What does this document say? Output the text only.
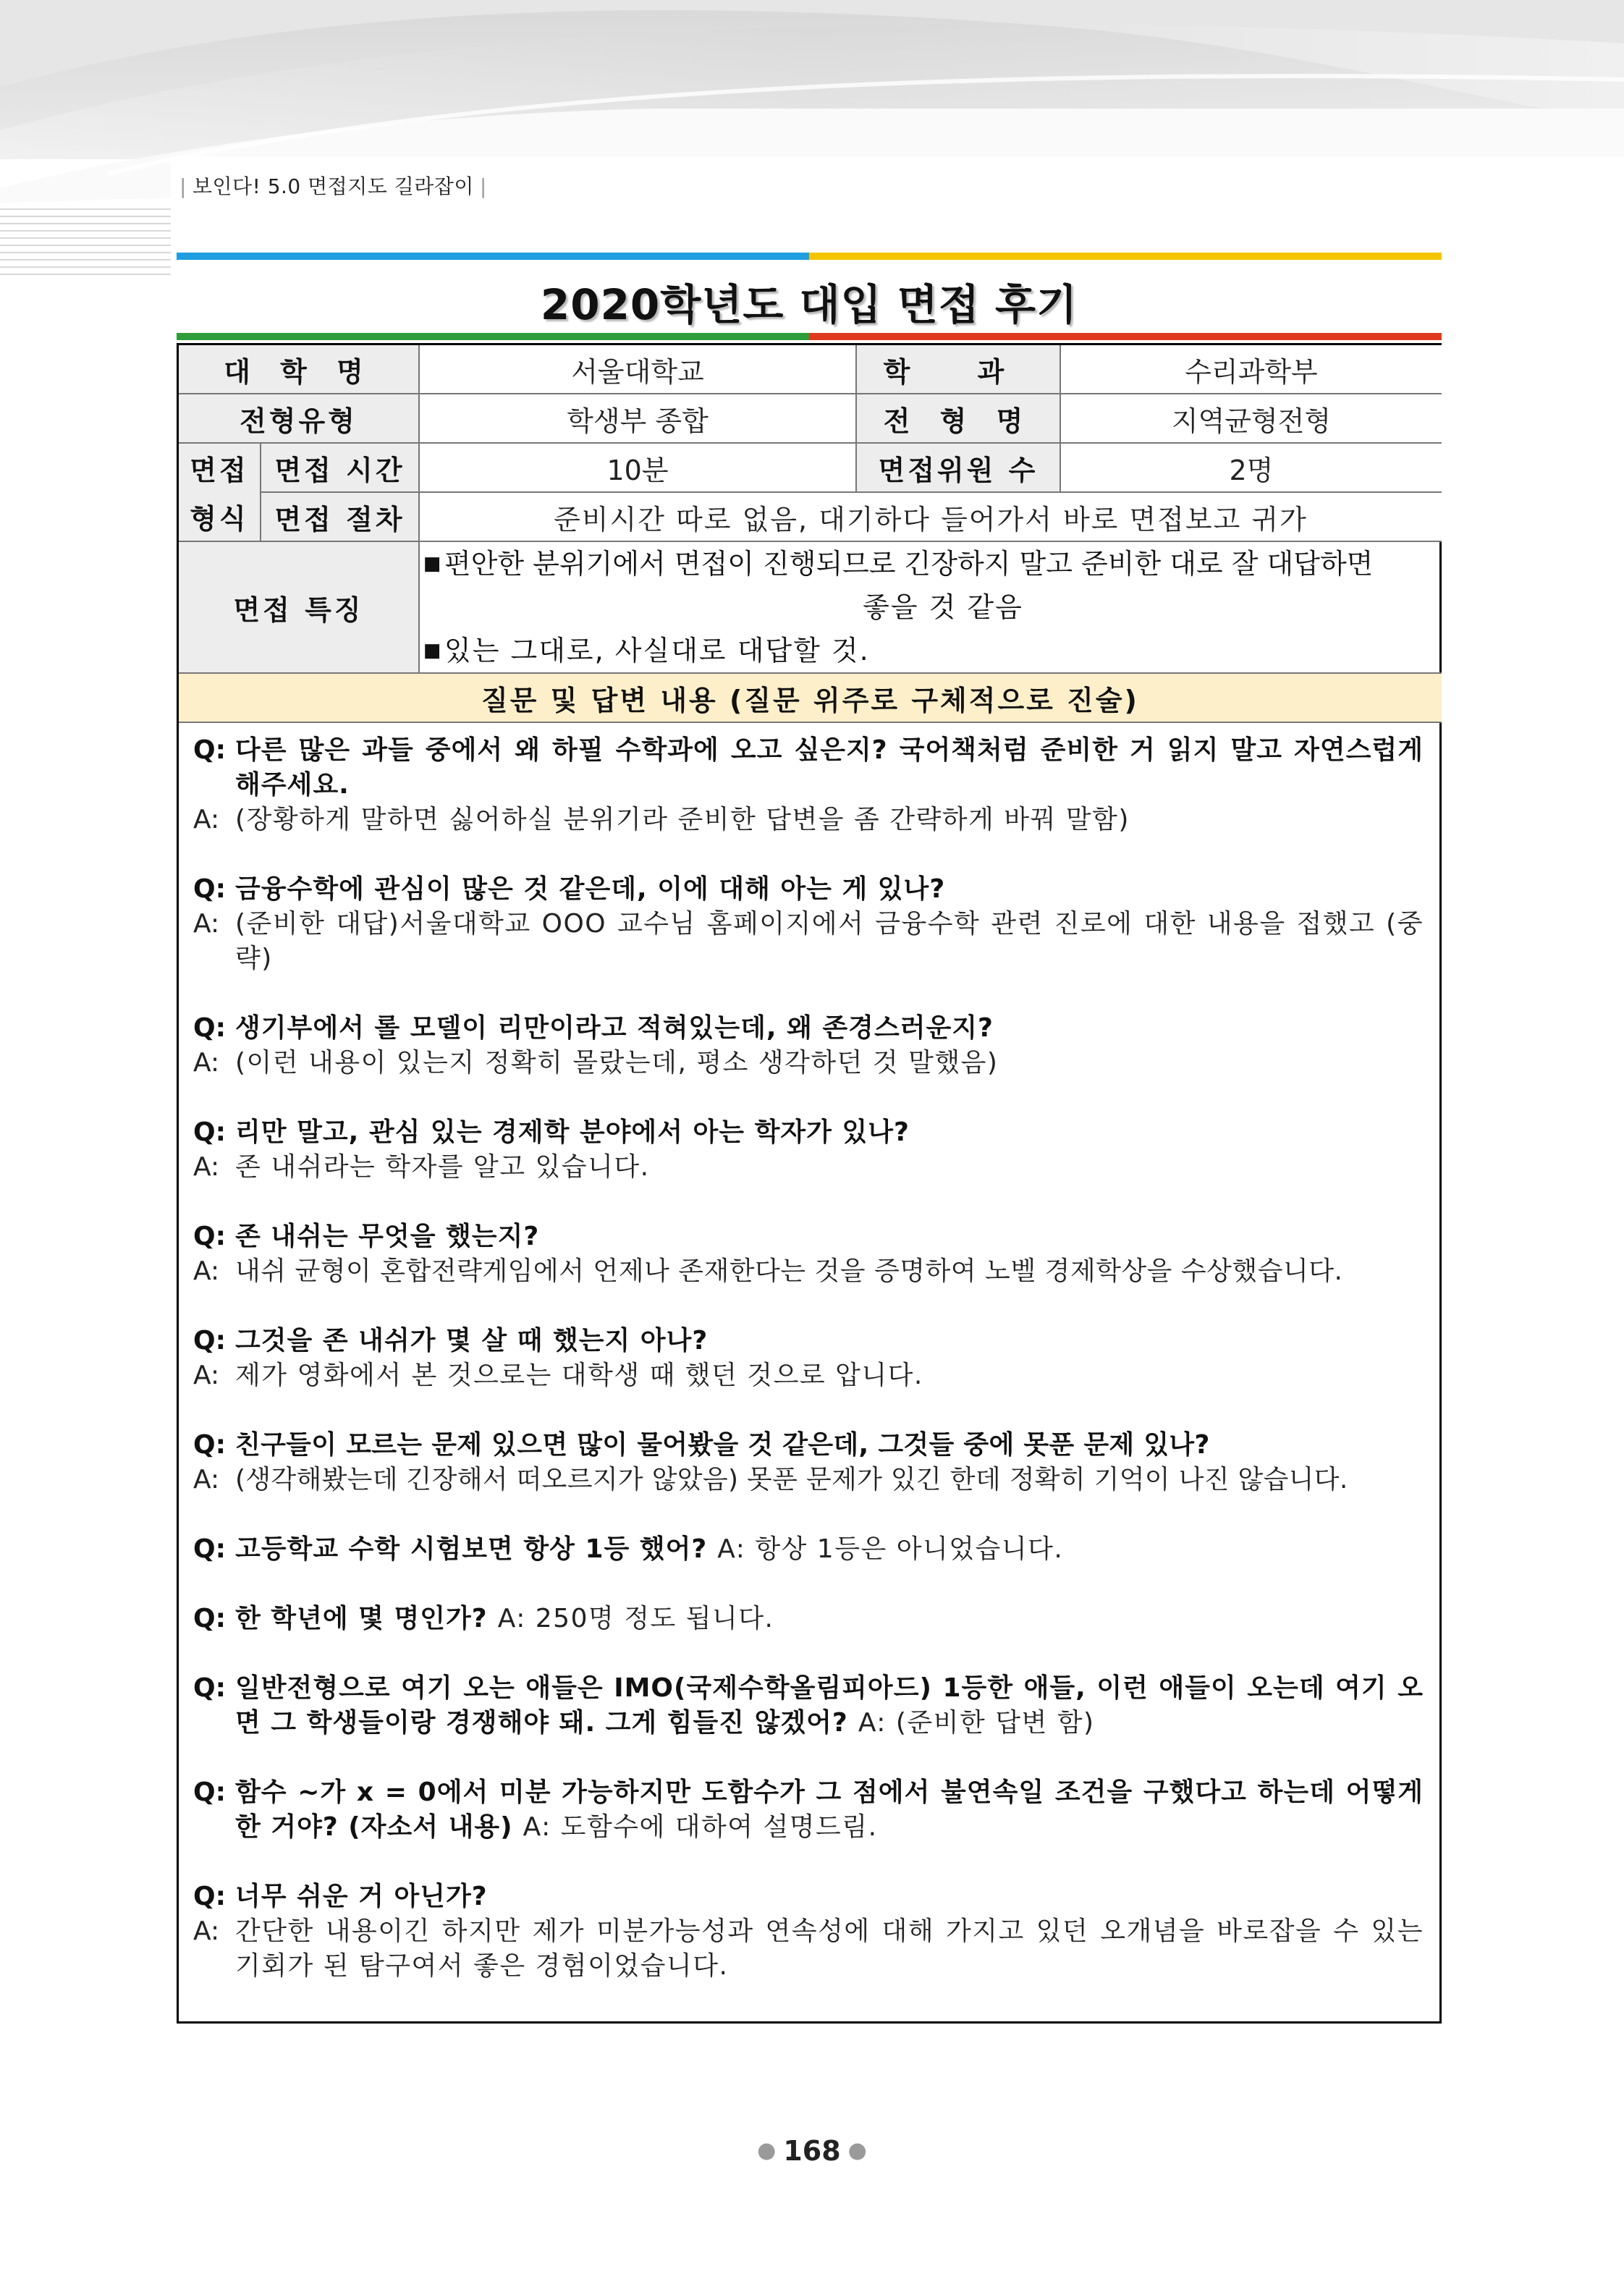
| 보인다! 5.0 면접지도 길라잡이 |
2020학년도 대입 면접 후기
대 학 명		서울대학교	학 과	수리과학부
전형유형		학생부 종합	전 형 명	지역균형전형
면접	면접 시간	10분	면접위원 수	2명
형식	면접 절차	준비시간 따로 없음, 대기하다 들어가서 바로 면접보고 귀가		
면접 특징		■ 편안한 분위기에서 면접이 진행되므로 긴장하지 말고 준비한 대로 잘 대답하면
좋을 것 같음
■ 있는 그대로, 사실대로 대답할 것.		

질문 및 답변 내용 (질문 위주로 구체적으로 진술)				
Q: 다른 많은 과들 중에서 왜 하필 수학과에 오고 싶은지? 국어책처럼 준비한 거 읽지 말고 자연스럽게 해주세요.
A: (장황하게 말하면 싫어하실 분위기라 준비한 답변을 좀 간략하게 바꿔 말함)
Q: 금융수학에 관심이 많은 것 같은데, 이에 대해 아는 게 있나?
A: (준비한 대답)서울대학교 OOO 교수님 홈페이지에서 금융수학 관련 진로에 대한 내용을 접했고 (중략)
Q: 생기부에서 롤 모델이 리만이라고 적혀있는데, 왜 존경스러운지?
A: (이런 내용이 있는지 정확히 몰랐는데, 평소 생각하던 것 말했음)
Q: 리만 말고, 관심 있는 경제학 분야에서 아는 학자가 있나?
A: 존 내쉬라는 학자를 알고 있습니다.
Q: 존 내쉬는 무엇을 했는지?
A: 내쉬 균형이 혼합전략게임에서 언제나 존재한다는 것을 증명하여 노벨 경제학상을 수상했습니다.
Q: 그것을 존 내쉬가 몇 살 때 했는지 아나?
A: 제가 영화에서 본 것으로는 대학생 때 했던 것으로 압니다.
Q: 친구들이 모르는 문제 있으면 많이 물어봤을 것 같은데, 그것들 중에 못푼 문제 있나?
A: (생각해봤는데 긴장해서 떠오르지가 않았음) 못푼 문제가 있긴 한데 정확히 기억이 나진 않습니다.
Q: 고등학교 수학 시험보면 항상 1등 했어? A: 항상 1등은 아니었습니다.
Q: 한 학년에 몇 명인가? A: 250명 정도 됩니다.
Q: 일반전형으로 여기 오는 애들은 IMO(국제수학올림피아드) 1등한 애들, 이런 애들이 오는데 여기 오면 그 학생들이랑 경쟁해야 돼. 그게 힘들진 않겠어? A: (준비한 답변 함)
Q: 함수 ~가 x = 0에서 미분 가능하지만 도함수가 그 점에서 불연속일 조건을 구했다고 하는데 어떻게 한 거야? (자소서 내용) A: 도함수에 대하여 설명드림.
Q: 너무 쉬운 거 아닌가?
A: 간단한 내용이긴 하지만 제가 미분가능성과 연속성에 대해 가지고 있던 오개념을 바로잡을 수 있는 기회가 된 탐구여서 좋은 경험이었습니다.
● 168 ●
